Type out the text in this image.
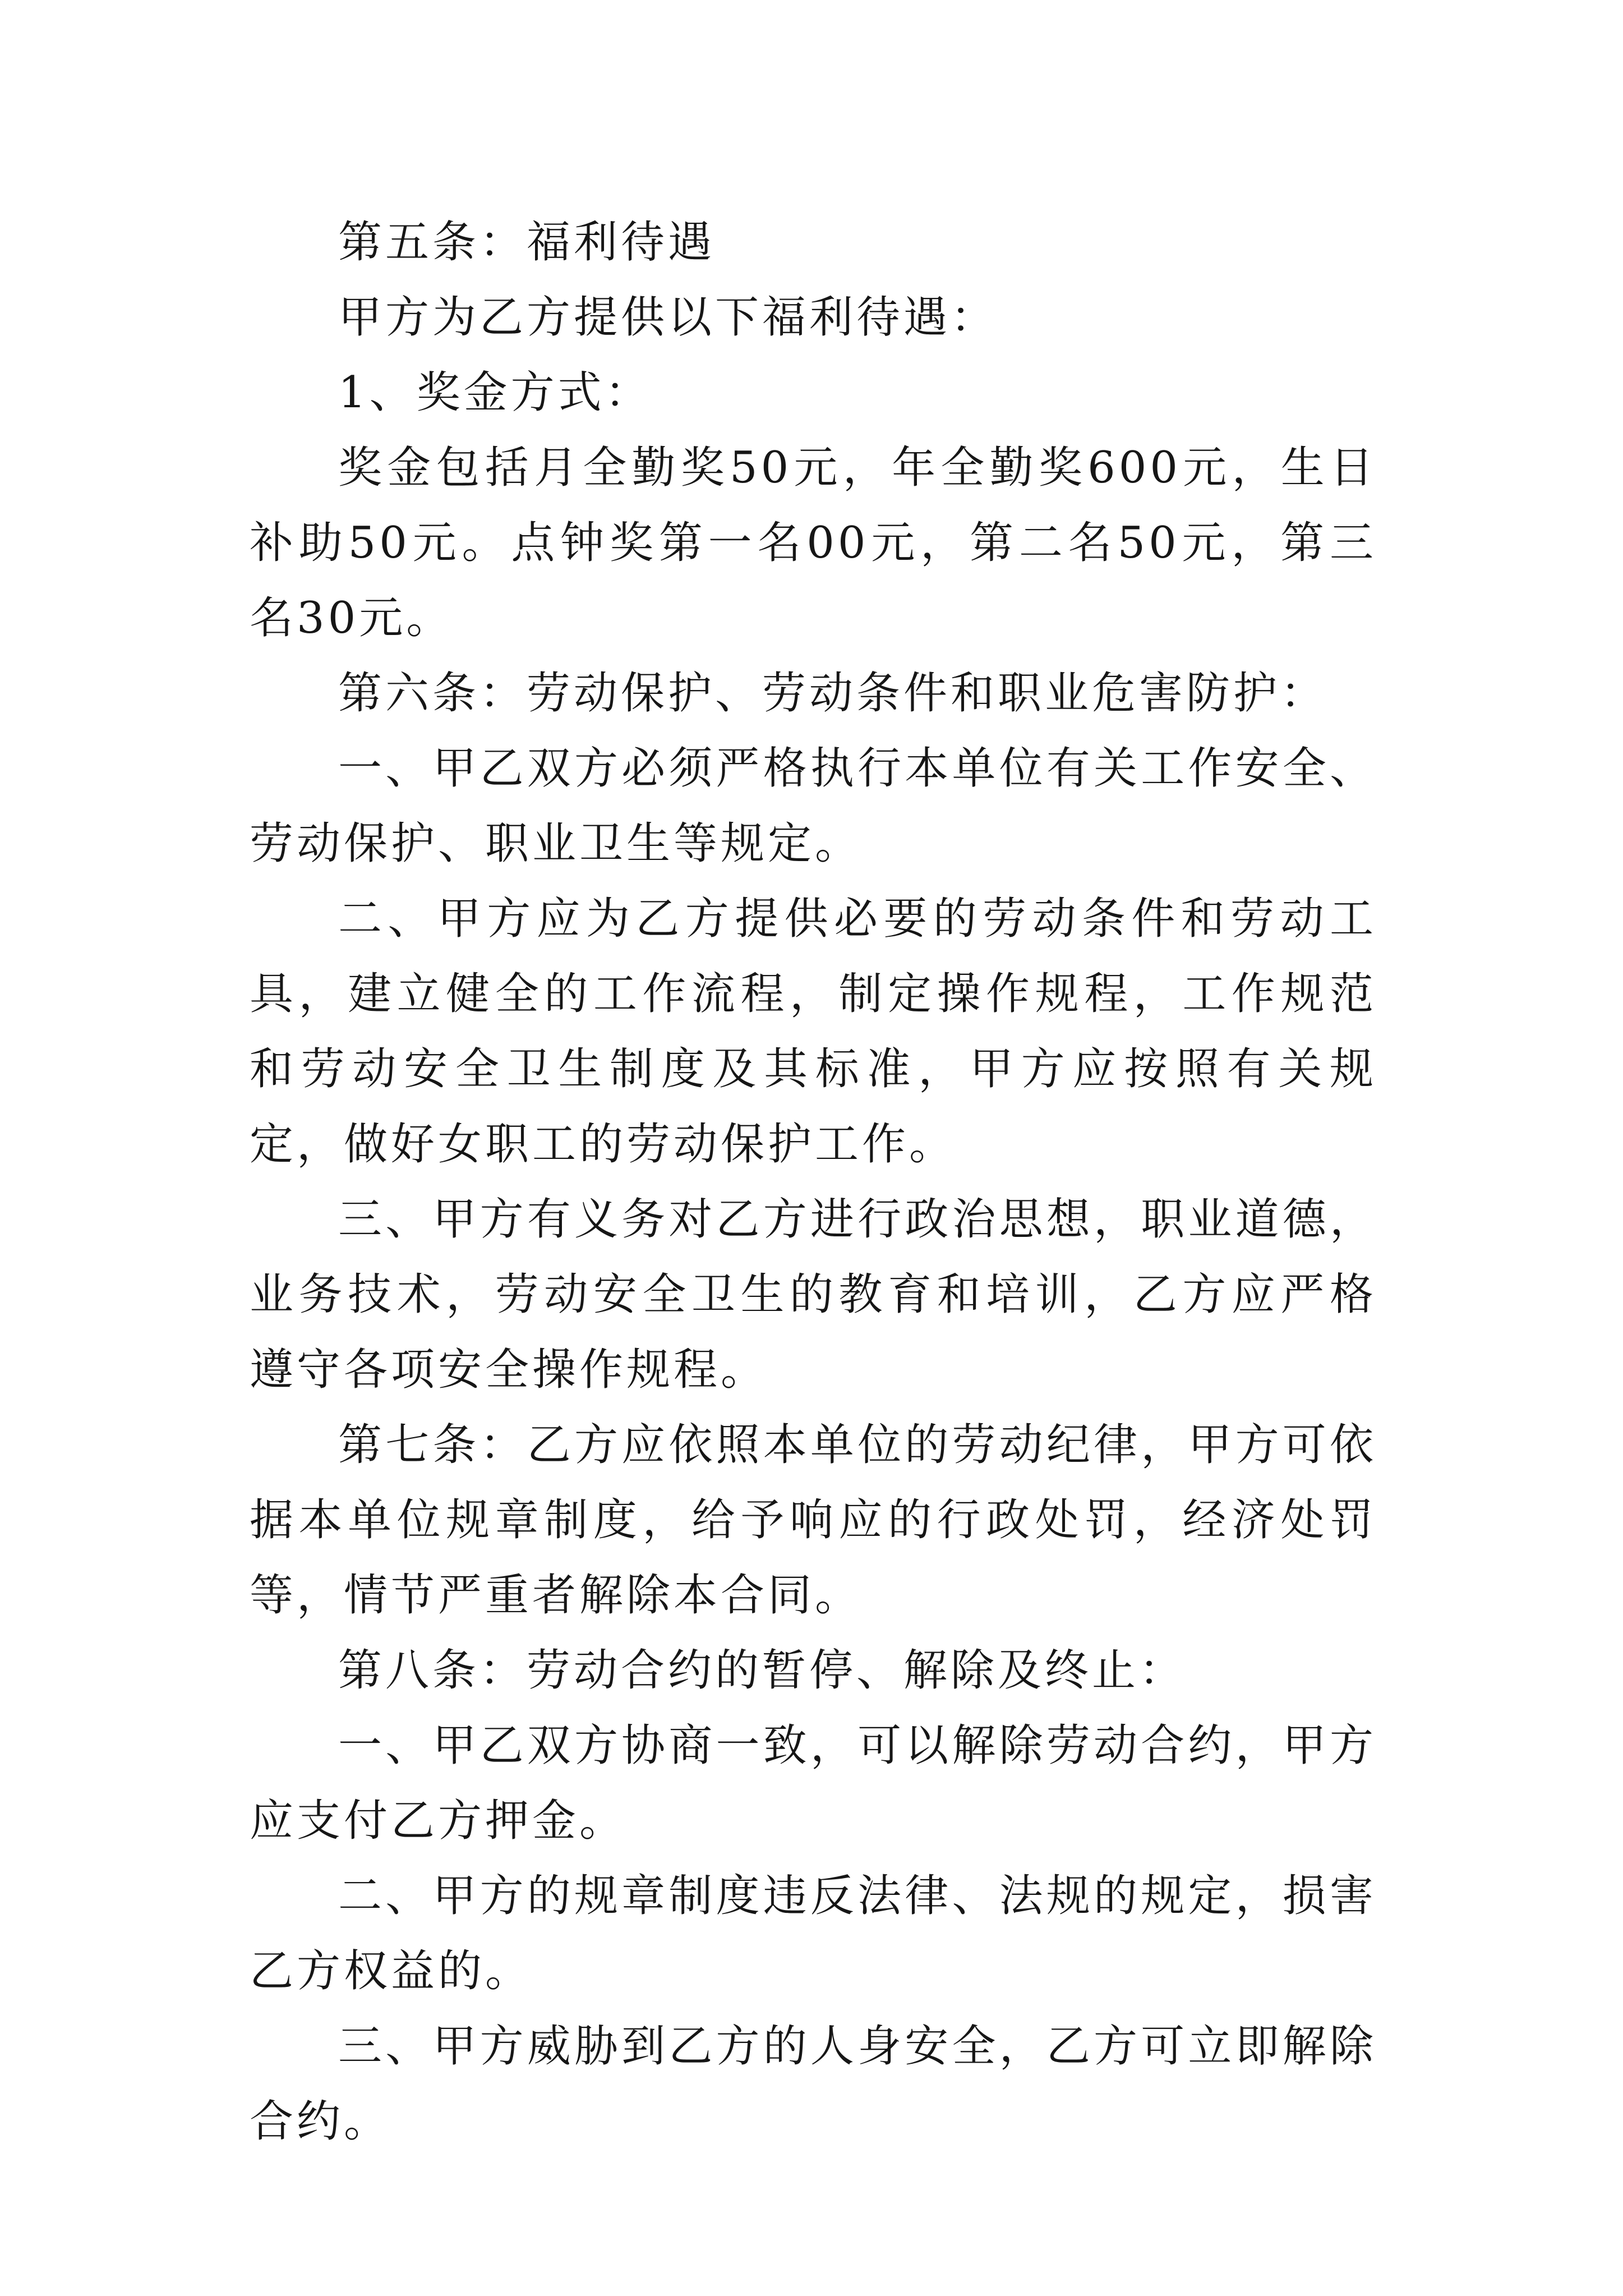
第五条：福利待遇

甲方为乙方提供以下福利待遇：

1、奖金方式：

奖金包括月全勤奖50元，年全勤奖600元，生日补助50元。点钟奖第一名00元，第二名50元，第三名30元。

第六条：劳动保护、劳动条件和职业危害防护：

一、甲乙双方必须严格执行本单位有关工作安全、劳动保护、职业卫生等规定。

二、甲方应为乙方提供必要的劳动条件和劳动工具，建立健全的工作流程，制定操作规程，工作规范和劳动安全卫生制度及其标准，甲方应按照有关规定，做好女职工的劳动保护工作。

三、甲方有义务对乙方进行政治思想，职业道德，业务技术，劳动安全卫生的教育和培训，乙方应严格遵守各项安全操作规程。

第七条：乙方应依照本单位的劳动纪律，甲方可依据本单位规章制度，给予响应的行政处罚，经济处罚等，情节严重者解除本合同。

第八条：劳动合约的暂停、解除及终止：

一、甲乙双方协商一致，可以解除劳动合约，甲方应支付乙方押金。

二、甲方的规章制度违反法律、法规的规定，损害乙方权益的。

三、甲方威胁到乙方的人身安全，乙方可立即解除合约。
